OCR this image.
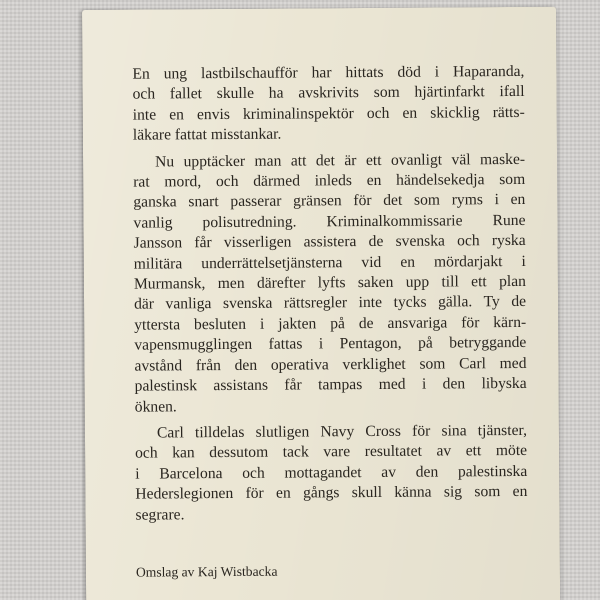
En ung lastbilschaufför har hittats död i Haparanda,
och fallet skulle ha avskrivits som hjärtinfarkt ifall
inte en envis kriminalinspektör och en skicklig rätts-
läkare fattat misstankar.
Nu upptäcker man att det är ett ovanligt väl maske-
rat mord, och därmed inleds en händelsekedja som
ganska snart passerar gränsen för det som ryms i en
vanlig polisutredning. Kriminalkommissarie Rune
Jansson får visserligen assistera de svenska och ryska
militära underrättelsetjänsterna vid en mördarjakt i
Murmansk, men därefter lyfts saken upp till ett plan
där vanliga svenska rättsregler inte tycks gälla. Ty de
yttersta besluten i jakten på de ansvariga för kärn-
vapensmugglingen fattas i Pentagon, på betryggande
avstånd från den operativa verklighet som Carl med
palestinsk assistans får tampas med i den libyska
öknen.
Carl tilldelas slutligen Navy Cross för sina tjänster,
och kan dessutom tack vare resultatet av ett möte
i Barcelona och mottagandet av den palestinska
Hederslegionen för en gångs skull känna sig som en
segrare.
Omslag av Kaj Wistbacka
